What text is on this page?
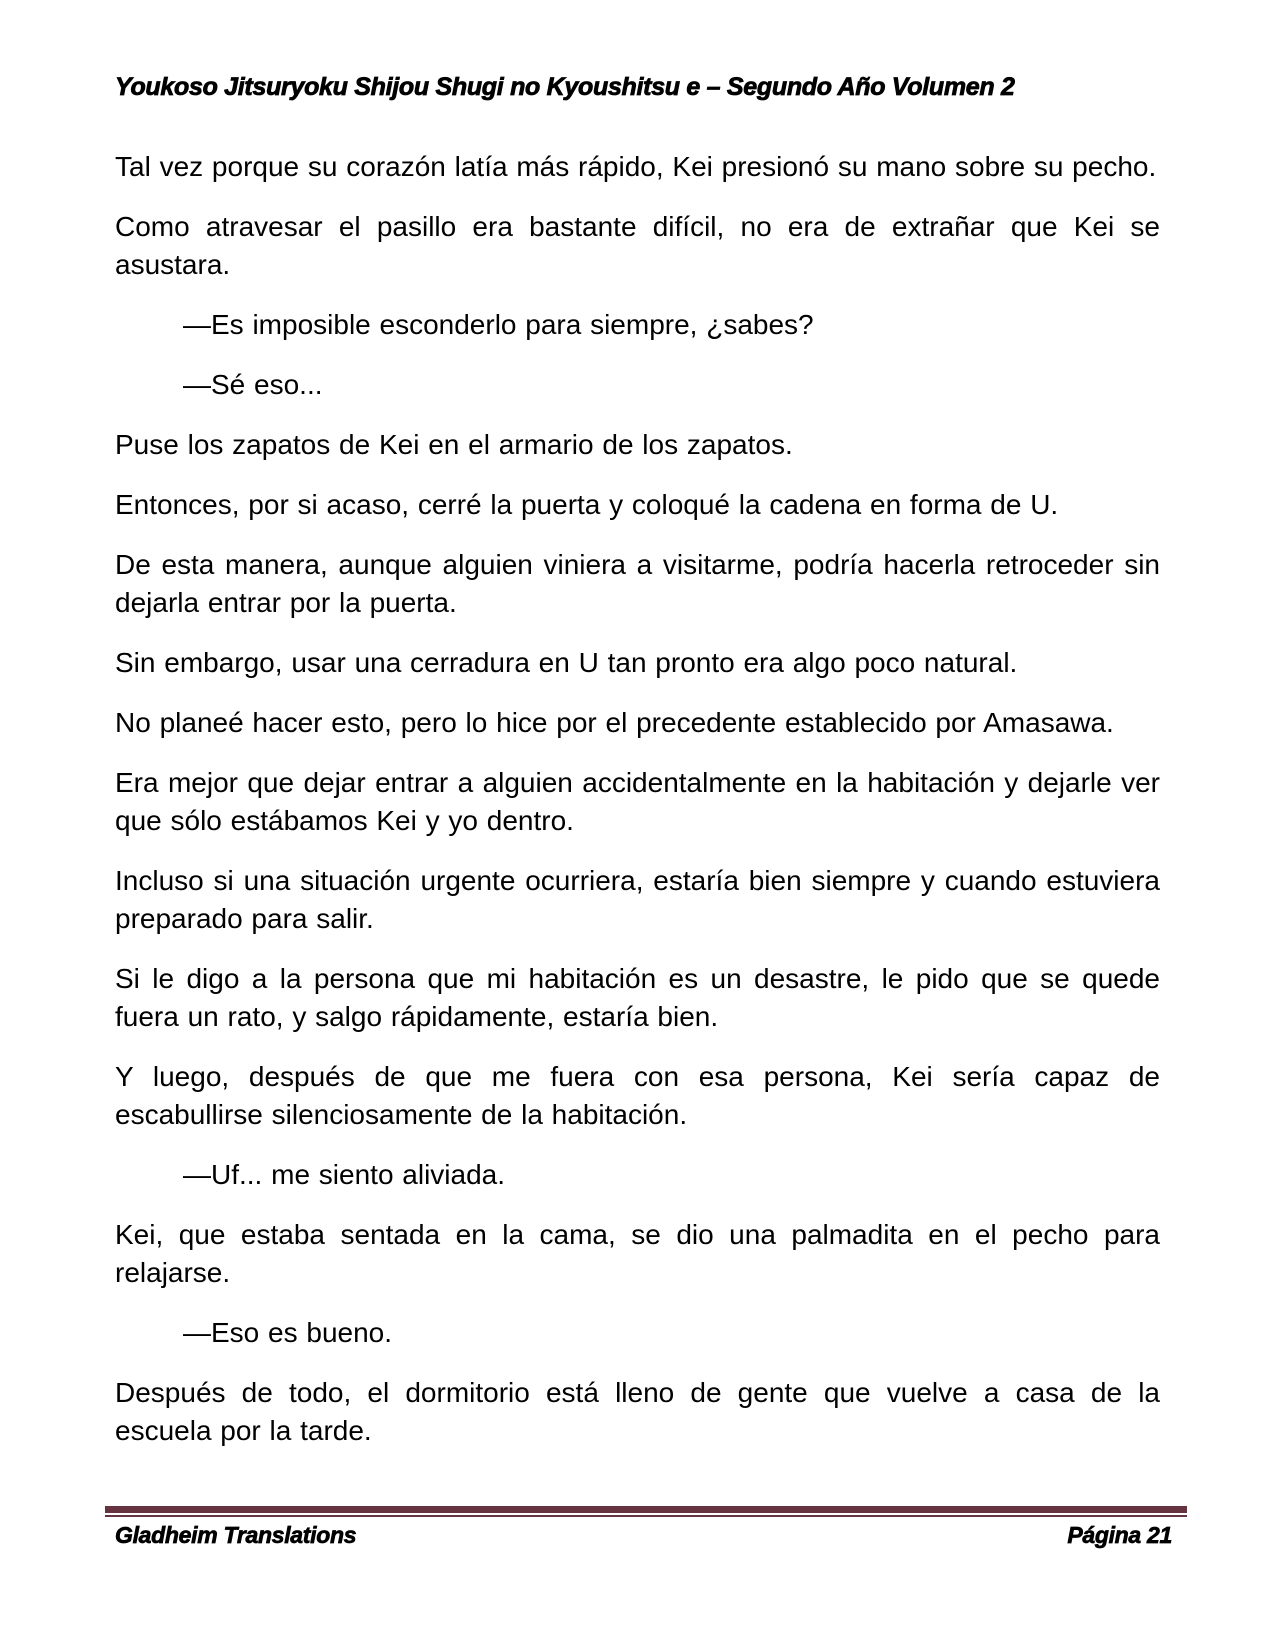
Youkoso Jitsuryoku Shijou Shugi no Kyoushitsu e – Segundo Año Volumen 2

Tal vez porque su corazón latía más rápido, Kei presionó su mano sobre su pecho.

Como atravesar el pasillo era bastante difícil, no era de extrañar que Kei se asustara.

—Es imposible esconderlo para siempre, ¿sabes?

—Sé eso...

Puse los zapatos de Kei en el armario de los zapatos.

Entonces, por si acaso, cerré la puerta y coloqué la cadena en forma de U.

De esta manera, aunque alguien viniera a visitarme, podría hacerla retroceder sin dejarla entrar por la puerta.

Sin embargo, usar una cerradura en U tan pronto era algo poco natural.

No planeé hacer esto, pero lo hice por el precedente establecido por Amasawa.

Era mejor que dejar entrar a alguien accidentalmente en la habitación y dejarle ver que sólo estábamos Kei y yo dentro.

Incluso si una situación urgente ocurriera, estaría bien siempre y cuando estuviera preparado para salir.

Si le digo a la persona que mi habitación es un desastre, le pido que se quede fuera un rato, y salgo rápidamente, estaría bien.

Y luego, después de que me fuera con esa persona, Kei sería capaz de escabullirse silenciosamente de la habitación.

—Uf... me siento aliviada.

Kei, que estaba sentada en la cama, se dio una palmadita en el pecho para relajarse.

—Eso es bueno.

Después de todo, el dormitorio está lleno de gente que vuelve a casa de la escuela por la tarde.

Gladheim Translations	Página 21
